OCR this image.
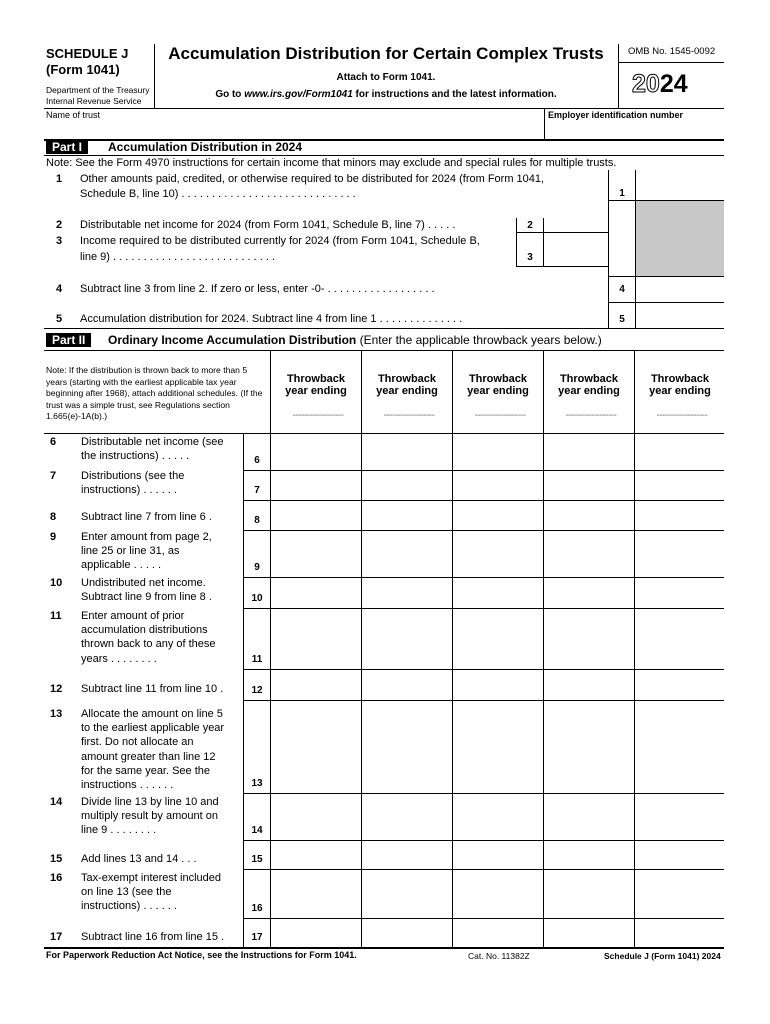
SCHEDULE J
(Form 1041)
Department of the Treasury
Internal Revenue Service
Accumulation Distribution for Certain Complex Trusts
Attach to Form 1041.
Go to www.irs.gov/Form1041 for instructions and the latest information.
OMB No. 1545-0092
2024
Name of trust	Employer identification number
Part I	Accumulation Distribution in 2024
Note: See the Form 4970 instructions for certain income that minors may exclude and special rules for multiple trusts.
1 Other amounts paid, credited, or otherwise required to be distributed for 2024 (from Form 1041,
Schedule B, line 10) . . . . . . . . . . . . . . . . . . . . . . . . . . . . .	1
2 Distributable net income for 2024 (from Form 1041, Schedule B, line 7) . . . . .	2
3 Income required to be distributed currently for 2024 (from Form 1041, Schedule B,
line 9) . . . . . . . . . . . . . . . . . . . . . . . . . . .	3
4 Subtract line 3 from line 2. If zero or less, enter -0- . . . . . . . . . . . . . . . . . .	4
5 Accumulation distribution for 2024. Subtract line 4 from line 1 . . . . . . . . . . . . . .	5
Part II	Ordinary Income Accumulation Distribution (Enter the applicable throwback years below.)
Note: If the distribution is thrown back to more than 5 years (starting with the earliest applicable tax year beginning after 1968), attach additional schedules. (If the trust was a simple trust, see Regulations section 1.665(e)-1A(b).)
Throwback
year ending
Throwback
year ending
Throwback
year ending
Throwback
year ending
Throwback
year ending
------------------
------------------
------------------
------------------
------------------
6 Distributable net income (see
the instructions) . . . . .	6
7 Distributions (see the
instructions) . . . . . .	7
8 Subtract line 7 from line 6 .	8
9 Enter amount from page 2,
line 25 or line 31, as
applicable . . . . .	9
10 Undistributed net income.
Subtract line 9 from line 8 .	10
11 Enter amount of prior
accumulation distributions
thrown back to any of these
years . . . . . . . .	11
12 Subtract line 11 from line 10 .	12
13 Allocate the amount on line 5
to the earliest applicable year
first. Do not allocate an
amount greater than line 12
for the same year. See the
instructions . . . . . .	13
14 Divide line 13 by line 10 and
multiply result by amount on
line 9 . . . . . . . .	14
15 Add lines 13 and 14 . . .	15
16 Tax-exempt interest included
on line 13 (see the
instructions) . . . . . .	16
17 Subtract line 16 from line 15 .	17
For Paperwork Reduction Act Notice, see the Instructions for Form 1041.	Cat. No. 11382Z	Schedule J (Form 1041) 2024
